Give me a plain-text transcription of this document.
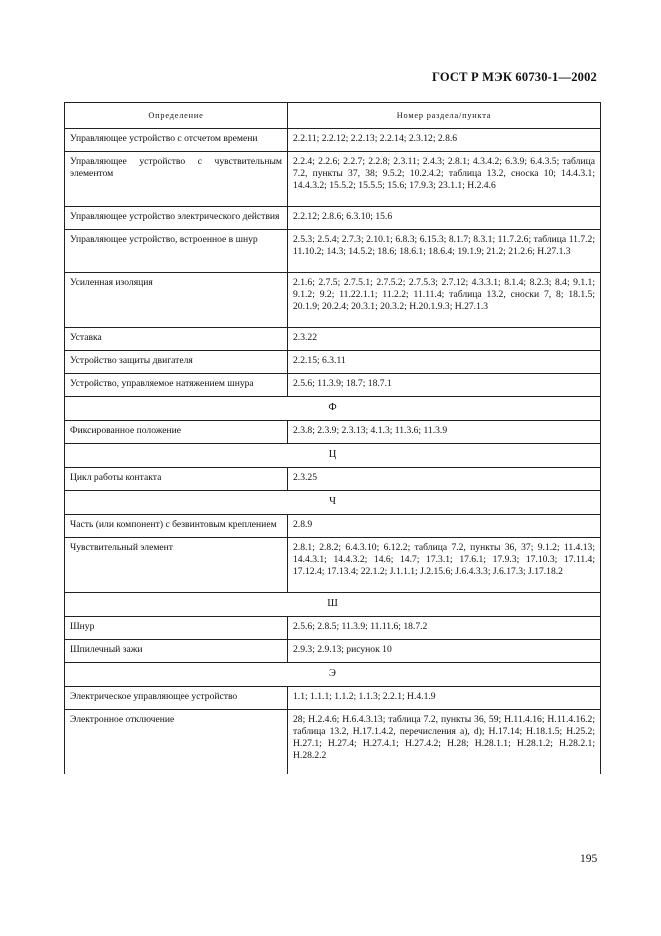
ГОСТ Р МЭК 60730-1—2002
Определение	Номер раздела/пункта
Управляющее устройство с отсчетом времени	2.2.11; 2.2.12; 2.2.13; 2.2.14; 2.3.12; 2.8.6
Управляющее устройство с чувствительным элементом	2.2.4; 2.2.6; 2.2.7; 2.2.8; 2.3.11; 2.4.3; 2.8.1; 4.3.4.2; 6.3.9; 6.4.3.5; таблица 7.2, пункты 37, 38; 9.5.2; 10.2.4.2; таблица 13.2, сноска 10; 14.4.3.1; 14.4.3.2; 15.5.2; 15.5.5; 15.6; 17.9.3; 23.1.1; H.2.4.6
Управляющее устройство электрического действия	2.2.12; 2.8.6; 6.3.10; 15.6
Управляющее устройство, встроенное в шнур	2.5.3; 2.5.4; 2.7.3; 2.10.1; 6.8.3; 6.15.3; 8.1.7; 8.3.1; 11.7.2.6; таблица 11.7.2; 11.10.2; 14.3; 14.5.2; 18.6; 18.6.1; 18.6.4; 19.1.9; 21.2; 21.2.6; H.27.1.3
Усиленная изоляция	2.1.6; 2.7.5; 2.7.5.1; 2.7.5.2; 2.7.5.3; 2.7.12; 4.3.3.1; 8.1.4; 8.2.3; 8.4; 9.1.1; 9.1.2; 9.2; 11.22.1.1; 11.2.2; 11.11.4; таблица 13.2, сноски 7, 8; 18.1.5; 20.1.9; 20.2.4; 20.3.1; 20.3.2; H.20.1.9.3; H.27.1.3
Уставка	2.3.22
Устройство защиты двигателя	2.2.15; 6.3.11
Устройство, управляемое натяжением шнура	2.5.6; 11.3.9; 18.7; 18.7.1
Ф	
Фиксированное положение	2.3.8; 2.3.9; 2.3.13; 4.1.3; 11.3.6; 11.3.9
Ц	
Цикл работы контакта	2.3.25
Ч	
Часть (или компонент) с безвинтовым креплением	2.8.9
Чувствительный элемент	2.8.1; 2.8.2; 6.4.3.10; 6.12.2; таблица 7.2, пункты 36, 37; 9.1.2; 11.4.13; 14.4.3.1; 14.4.3.2; 14.6; 14.7; 17.3.1; 17.6.1; 17.9.3; 17.10.3; 17.11.4; 17.12.4; 17.13.4; 22.1.2; J.1.1.1; J.2.15.6; J.6.4.3.3; J.6.17.3; J.17.18.2
Ш	
Шнур	2.5.6; 2.8.5; 11.3.9; 11.11.6; 18.7.2
Шпилечный зажи	2.9.3; 2.9.13; рисунок 10
Э	
Электрическое управляющее устройство	1.1; 1.1.1; 1.1.2; 1.1.3; 2.2.1; H.4.1.9
Электронное отключение	28; H.2.4.6; H.6.4.3.13; таблица 7.2, пункты 36, 59; H.11.4.16; H.11.4.16.2; таблица 13.2, H.17.1.4.2, перечисления a), d); H.17.14; H.18.1.5; H.25.2; H.27.1; H.27.4; H.27.4.1; H.27.4.2; H.28; H.28.1.1; H.28.1.2; H.28.2.1; H.28.2.2
195
